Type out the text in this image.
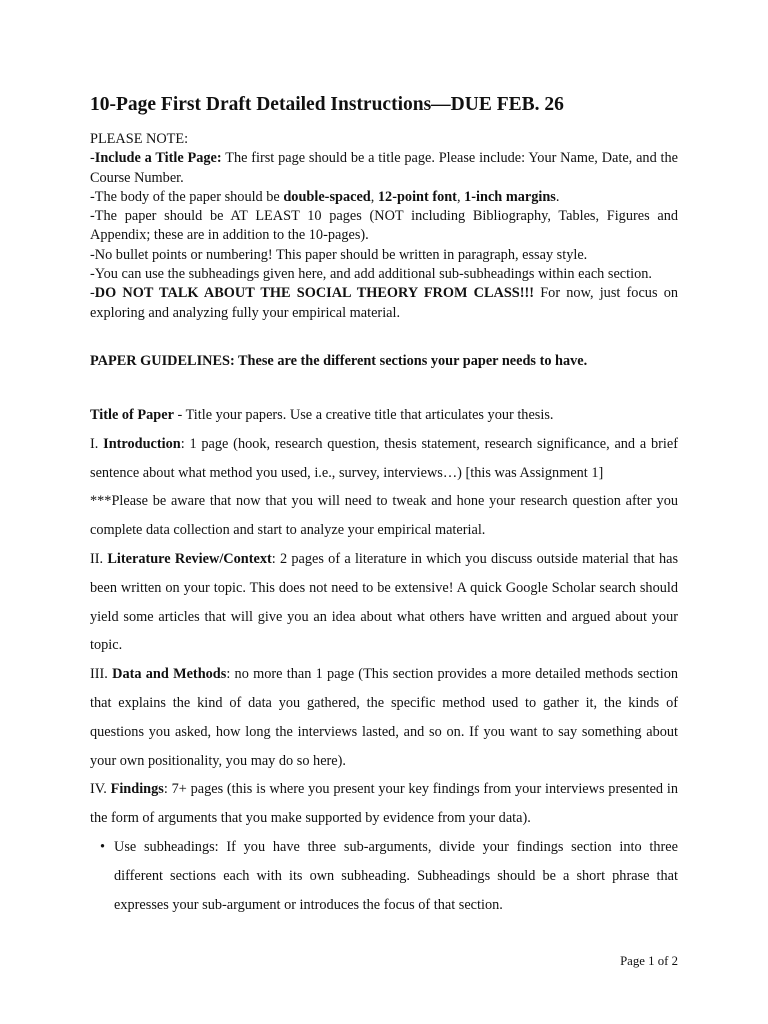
10-Page First Draft Detailed Instructions—DUE FEB. 26

PLEASE NOTE:

-Include a Title Page: The first page should be a title page. Please include: Your Name, Date, and the Course Number.

-The body of the paper should be double-spaced, 12-point font, 1-inch margins.

-The paper should be AT LEAST 10 pages (NOT including Bibliography, Tables, Figures and Appendix; these are in addition to the 10-pages).

-No bullet points or numbering! This paper should be written in paragraph, essay style.

-You can use the subheadings given here, and add additional sub-subheadings within each section.

-DO NOT TALK ABOUT THE SOCIAL THEORY FROM CLASS!!! For now, just focus on exploring and analyzing fully your empirical material.

PAPER GUIDELINES: These are the different sections your paper needs to have.

Title of Paper - Title your papers. Use a creative title that articulates your thesis.

I. Introduction: 1 page (hook, research question, thesis statement, research significance, and a brief sentence about what method you used, i.e., survey, interviews…) [this was Assignment 1]

***Please be aware that now that you will need to tweak and hone your research question after you complete data collection and start to analyze your empirical material.

II. Literature Review/Context: 2 pages of a literature in which you discuss outside material that has been written on your topic. This does not need to be extensive! A quick Google Scholar search should yield some articles that will give you an idea about what others have written and argued about your topic.

III. Data and Methods: no more than 1 page (This section provides a more detailed methods section that explains the kind of data you gathered, the specific method used to gather it, the kinds of questions you asked, how long the interviews lasted, and so on. If you want to say something about your own positionality, you may do so here).

IV. Findings: 7+ pages (this is where you present your key findings from your interviews presented in the form of arguments that you make supported by evidence from your data).

• Use subheadings: If you have three sub-arguments, divide your findings section into three different sections each with its own subheading. Subheadings should be a short phrase that expresses your sub-argument or introduces the focus of that section.
Page 1 of 2
